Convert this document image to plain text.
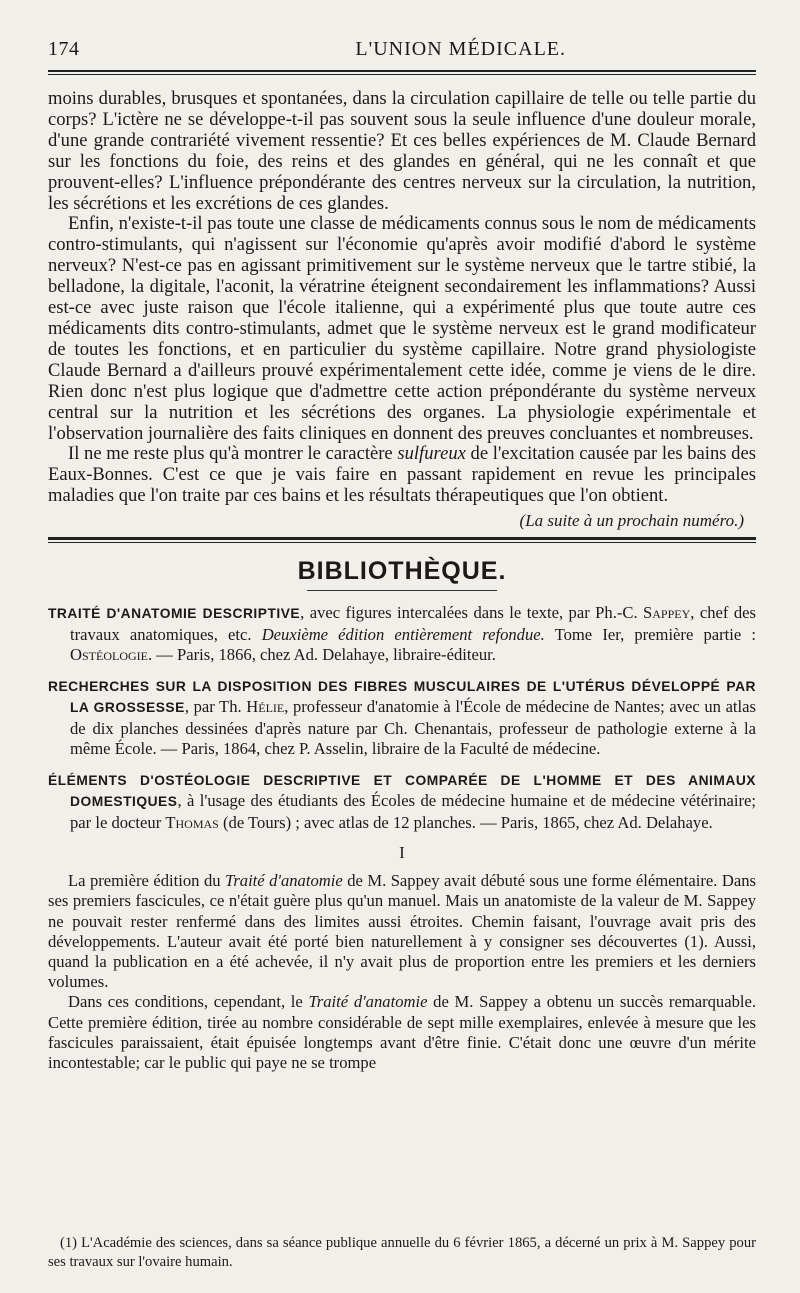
174	L'UNION MÉDICALE.

moins durables, brusques et spontanées, dans la circulation capillaire de telle ou telle partie du corps? L'ictère ne se développe-t-il pas souvent sous la seule influence d'une douleur morale, d'une grande contrariété vivement ressentie? Et ces belles expériences de M. Claude Bernard sur les fonctions du foie, des reins et des glandes en général, qui ne les connaît et que prouvent-elles? L'influence prépondérante des centres nerveux sur la circulation, la nutrition, les sécrétions et les excrétions de ces glandes.

Enfin, n'existe-t-il pas toute une classe de médicaments connus sous le nom de médicaments contro-stimulants, qui n'agissent sur l'économie qu'après avoir modifié d'abord le système nerveux? N'est-ce pas en agissant primitivement sur le système nerveux que le tartre stibié, la belladone, la digitale, l'aconit, la vératrine éteignent secondairement les inflammations? Aussi est-ce avec juste raison que l'école italienne, qui a expérimenté plus que toute autre ces médicaments dits contro-stimulants, admet que le système nerveux est le grand modificateur de toutes les fonctions, et en particulier du système capillaire. Notre grand physiologiste Claude Bernard a d'ailleurs prouvé expérimentalement cette idée, comme je viens de le dire. Rien donc n'est plus logique que d'admettre cette action prépondérante du système nerveux central sur la nutrition et les sécrétions des organes. La physiologie expérimentale et l'observation journalière des faits cliniques en donnent des preuves concluantes et nombreuses.

Il ne me reste plus qu'à montrer le caractère sulfureux de l'excitation causée par les bains des Eaux-Bonnes. C'est ce que je vais faire en passant rapidement en revue les principales maladies que l'on traite par ces bains et les résultats thérapeutiques que l'on obtient.

(La suite à un prochain numéro.)
BIBLIOTHÈQUE.
TRAITÉ D'ANATOMIE DESCRIPTIVE, avec figures intercalées dans le texte, par Ph.-C. Sappey, chef des travaux anatomiques, etc. Deuxième édition entièrement refondue. Tome Ier, première partie : Ostéologie. — Paris, 1866, chez Ad. Delahaye, libraire-éditeur.
RECHERCHES SUR LA DISPOSITION DES FIBRES MUSCULAIRES DE L'UTÉRUS DÉVELOPPÉ PAR LA GROSSESSE, par Th. Hélie, professeur d'anatomie à l'École de médecine de Nantes; avec un atlas de dix planches dessinées d'après nature par Ch. Chenantais, professeur de pathologie externe à la même École. — Paris, 1864, chez P. Asselin, libraire de la Faculté de médecine.
ÉLÉMENTS D'OSTÉOLOGIE DESCRIPTIVE ET COMPARÉE DE L'HOMME ET DES ANIMAUX DOMESTIQUES, à l'usage des étudiants des Écoles de médecine humaine et de médecine vétérinaire; par le docteur Thomas (de Tours) ; avec atlas de 12 planches. — Paris, 1865, chez Ad. Delahaye.
I

La première édition du Traité d'anatomie de M. Sappey avait débuté sous une forme élémentaire. Dans ses premiers fascicules, ce n'était guère plus qu'un manuel. Mais un anatomiste de la valeur de M. Sappey ne pouvait rester renfermé dans des limites aussi étroites. Chemin faisant, l'ouvrage avait pris des développements. L'auteur avait été porté bien naturellement à y consigner ses découvertes (1). Aussi, quand la publication en a été achevée, il n'y avait plus de proportion entre les premiers et les derniers volumes.

Dans ces conditions, cependant, le Traité d'anatomie de M. Sappey a obtenu un succès remarquable. Cette première édition, tirée au nombre considérable de sept mille exemplaires, enlevée à mesure que les fascicules paraissaient, était épuisée longtemps avant d'être finie. C'était donc une œuvre d'un mérite incontestable; car le public qui paye ne se trompe

(1) L'Académie des sciences, dans sa séance publique annuelle du 6 février 1865, a décerné un prix à M. Sappey pour ses travaux sur l'ovaire humain.
